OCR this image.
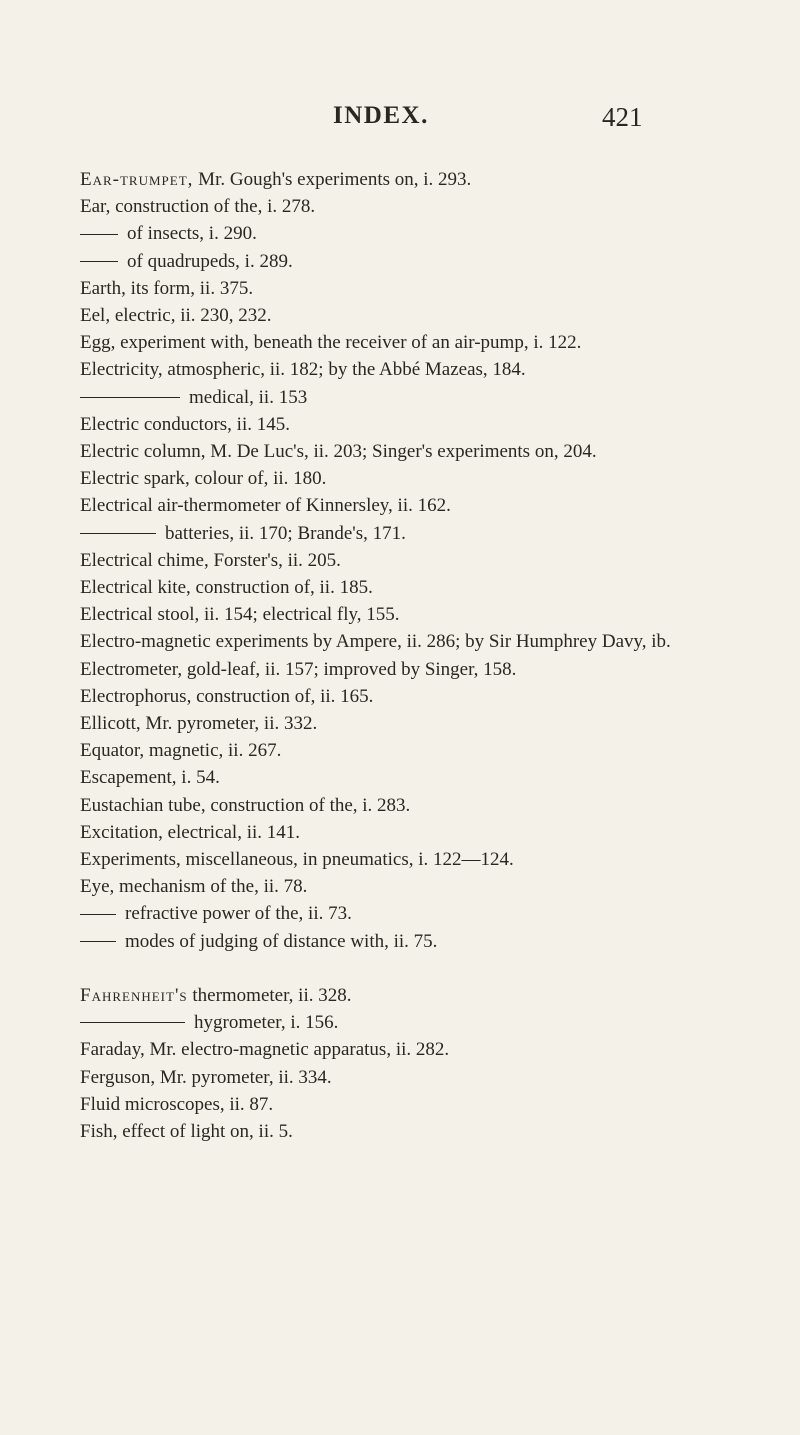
INDEX.	421

Ear-trumpet, Mr. Gough's experiments on, i. 293.

Ear, construction of the, i. 278.

of insects, i. 290.

of quadrupeds, i. 289.

Earth, its form, ii. 375.

Eel, electric, ii. 230, 232.

Egg, experiment with, beneath the receiver of an air-pump, i. 122.

Electricity, atmospheric, ii. 182; by the Abbé Mazeas, 184.

medical, ii. 153

Electric conductors, ii. 145.

Electric column, M. De Luc's, ii. 203; Singer's experiments on, 204.

Electric spark, colour of, ii. 180.

Electrical air-thermometer of Kinnersley, ii. 162.

batteries, ii. 170; Brande's, 171.

Electrical chime, Forster's, ii. 205.

Electrical kite, construction of, ii. 185.

Electrical stool, ii. 154; electrical fly, 155.

Electro-magnetic experiments by Ampere, ii. 286; by Sir Humphrey Davy, ib.

Electrometer, gold-leaf, ii. 157; improved by Singer, 158.

Electrophorus, construction of, ii. 165.

Ellicott, Mr. pyrometer, ii. 332.

Equator, magnetic, ii. 267.

Escapement, i. 54.

Eustachian tube, construction of the, i. 283.

Excitation, electrical, ii. 141.

Experiments, miscellaneous, in pneumatics, i. 122—124.

Eye, mechanism of the, ii. 78.

refractive power of the, ii. 73.

modes of judging of distance with, ii. 75.

Fahrenheit's thermometer, ii. 328.

hygrometer, i. 156.

Faraday, Mr. electro-magnetic apparatus, ii. 282.

Ferguson, Mr. pyrometer, ii. 334.

Fluid microscopes, ii. 87.

Fish, effect of light on, ii. 5.
